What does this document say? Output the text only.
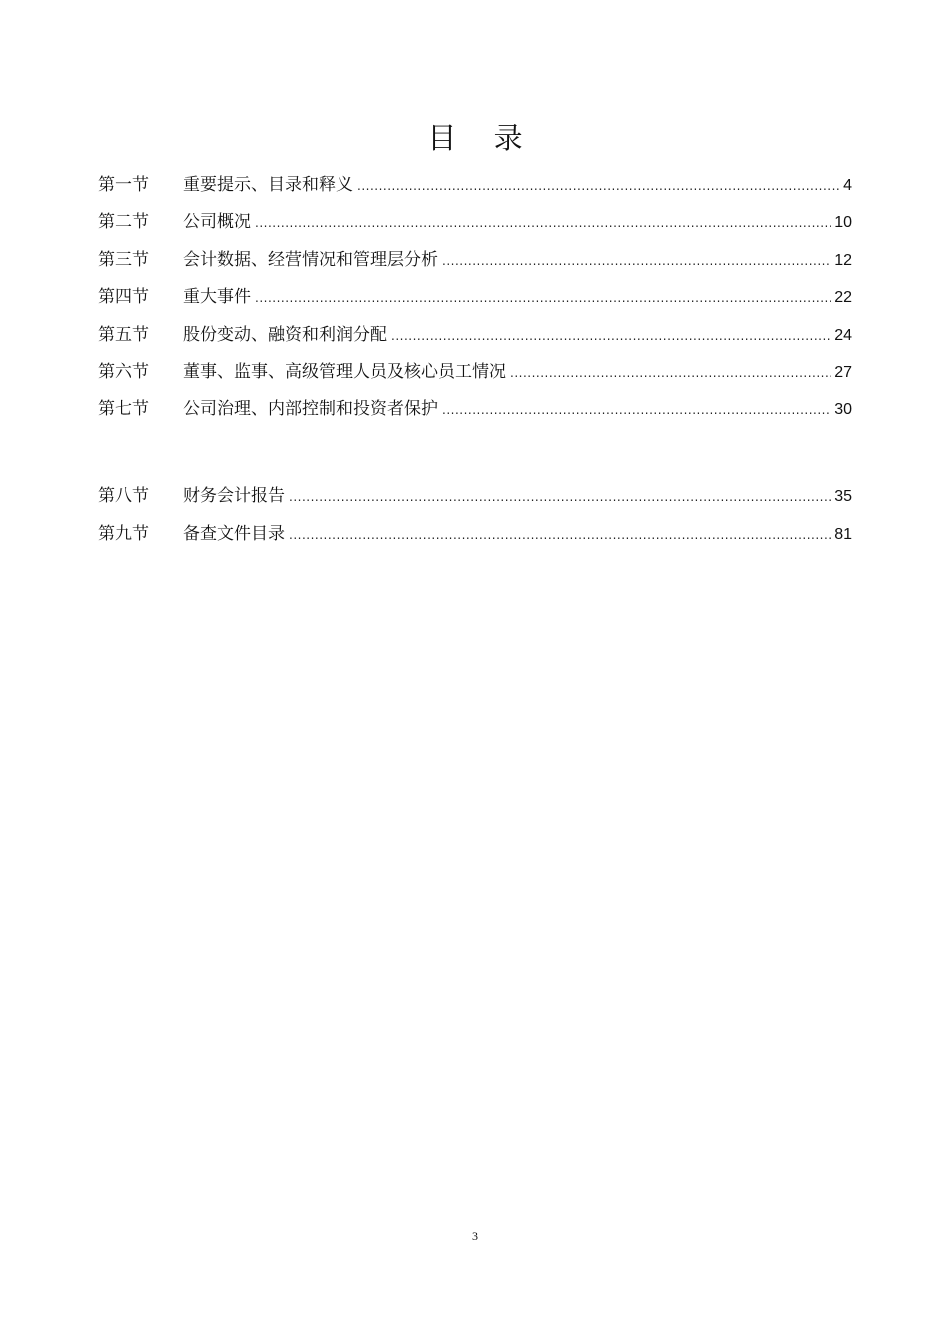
目 录
第一节	重要提示、目录和释义 .....	4
第二节	公司概况 .....	10
第三节	会计数据、经营情况和管理层分析 .....	12
第四节	重大事件 .....	22
第五节	股份变动、融资和利润分配 .....	24
第六节	董事、监事、高级管理人员及核心员工情况 .....	27
第七节	公司治理、内部控制和投资者保护 .....	30
第八节	财务会计报告 .....	35
第九节	备查文件目录 .....	81
3
